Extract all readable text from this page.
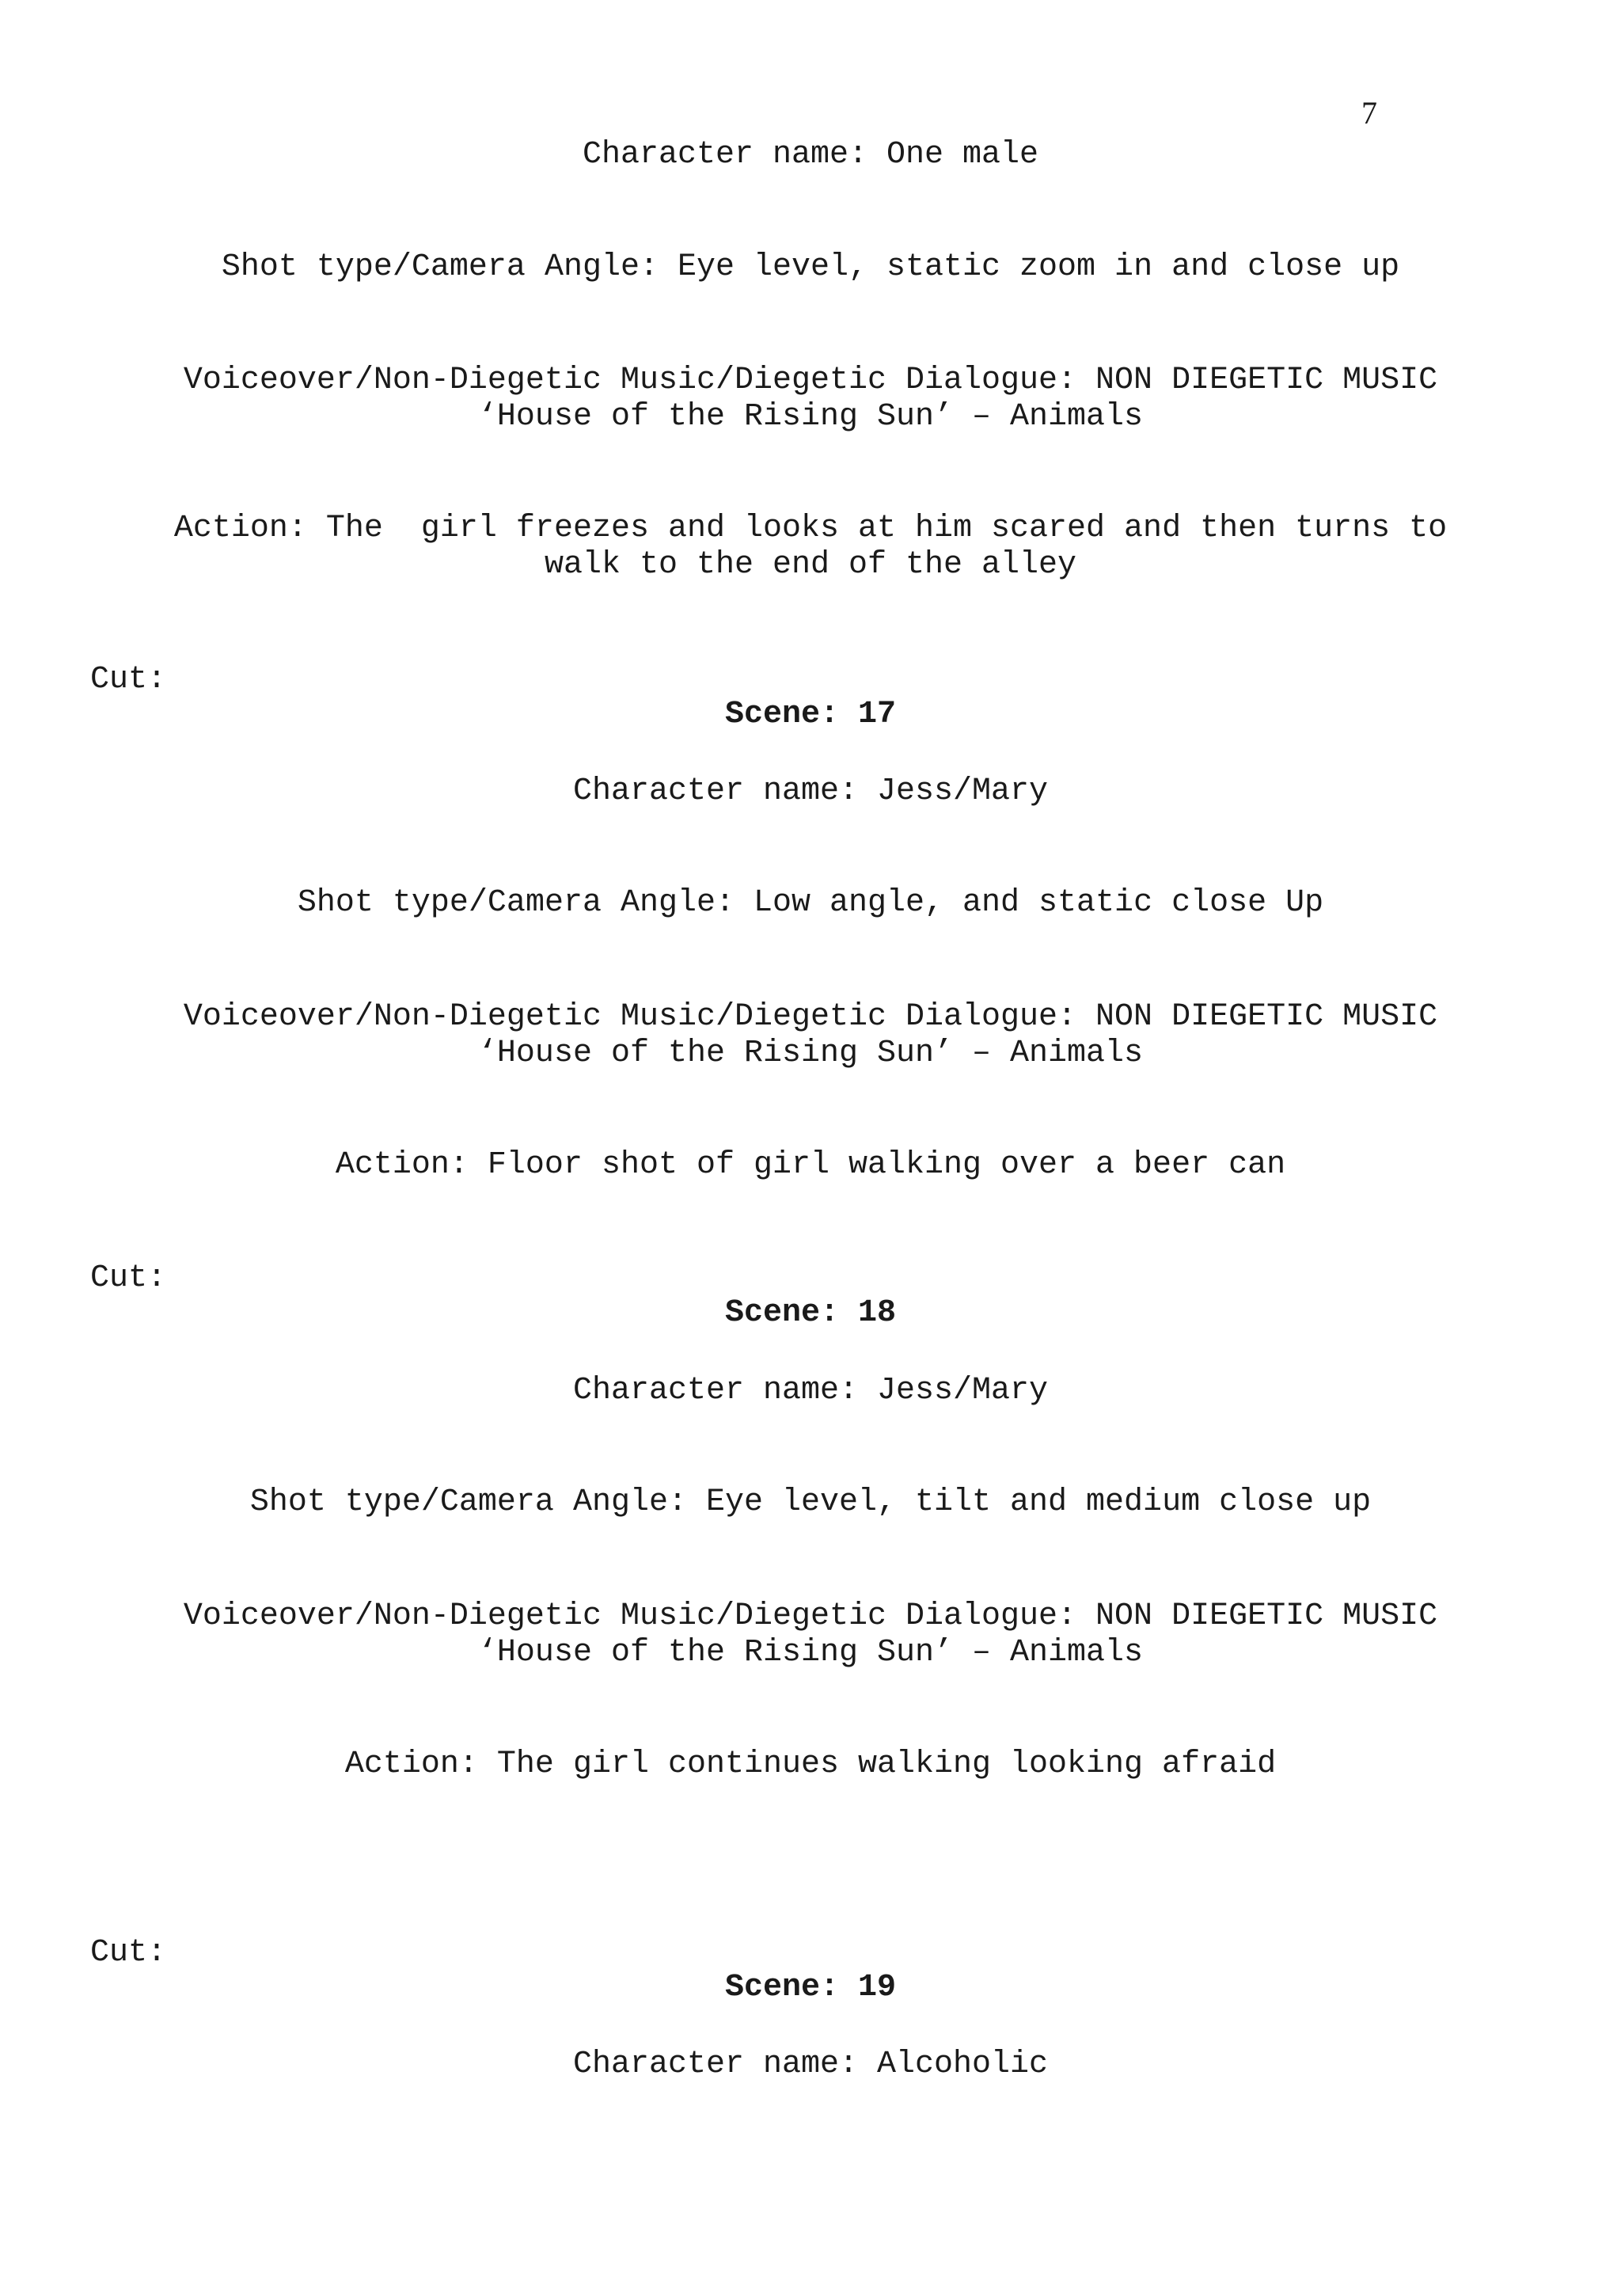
7
Character name: One male
Shot type/Camera Angle: Eye level, static zoom in and close up
Voiceover/Non-Diegetic Music/Diegetic Dialogue: NON DIEGETIC MUSIC
‘House of the Rising Sun’ – Animals
Action: The  girl freezes and looks at him scared and then turns to
walk to the end of the alley
Cut:
Scene: 17
Character name: Jess/Mary
Shot type/Camera Angle: Low angle, and static close Up
Voiceover/Non-Diegetic Music/Diegetic Dialogue: NON DIEGETIC MUSIC
‘House of the Rising Sun’ – Animals
Action: Floor shot of girl walking over a beer can
Cut:
Scene: 18
Character name: Jess/Mary
Shot type/Camera Angle: Eye level, tilt and medium close up
Voiceover/Non-Diegetic Music/Diegetic Dialogue: NON DIEGETIC MUSIC
‘House of the Rising Sun’ – Animals
Action: The girl continues walking looking afraid
Cut:
Scene: 19
Character name: Alcoholic
